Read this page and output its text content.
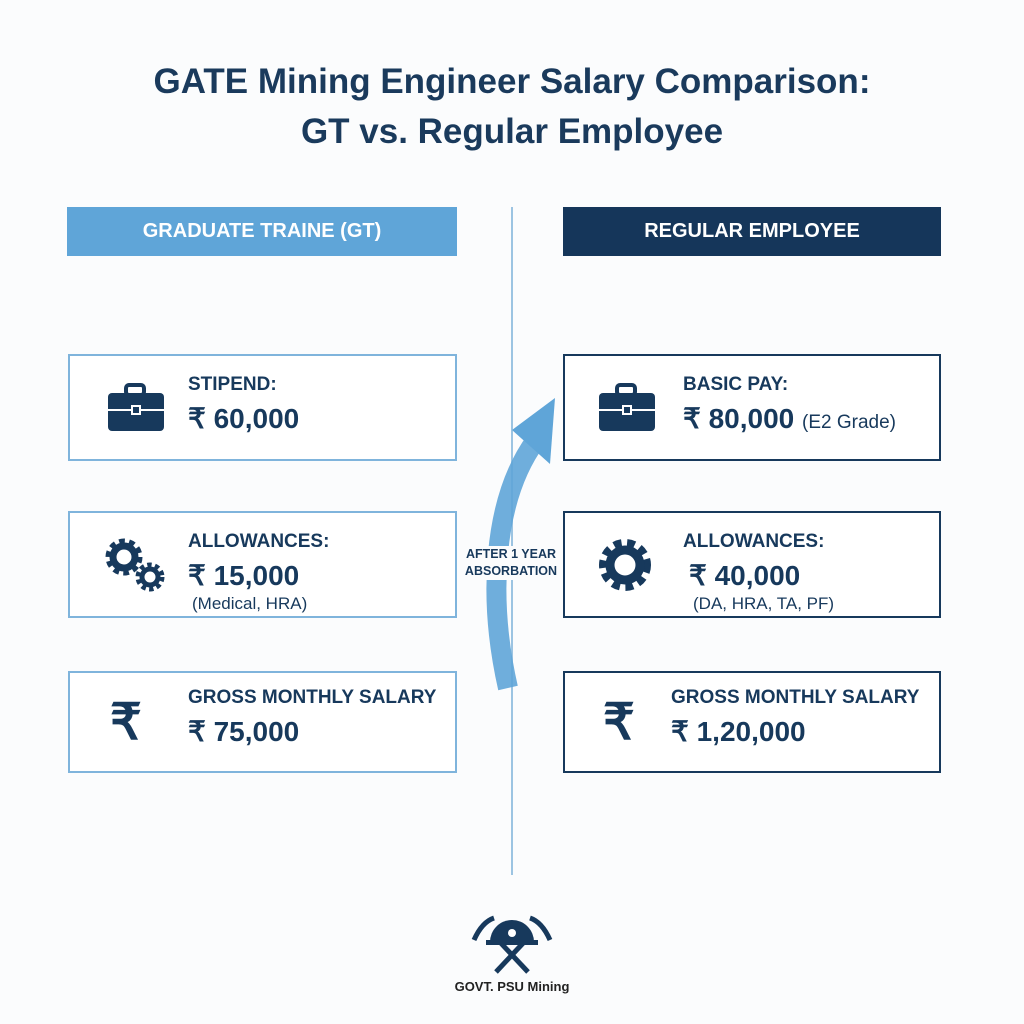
GATE Mining Engineer Salary Comparison:
GT vs. Regular Employee
GRADUATE TRAINE (GT)	REGULAR EMPLOYEE
AFTER 1 YEAR
ABSORBATION
STIPEND:
₹ 60,000
ALLOWANCES:
₹ 15,000
(Medical, HRA)
₹ GROSS MONTHLY SALARY
₹ 75,000
BASIC PAY:
₹ 80,000 (E2 Grade)
ALLOWANCES:
₹ 40,000
(DA, HRA, TA, PF)
₹ GROSS MONTHLY SALARY
₹ 1,20,000
GOVT. PSU Mining
